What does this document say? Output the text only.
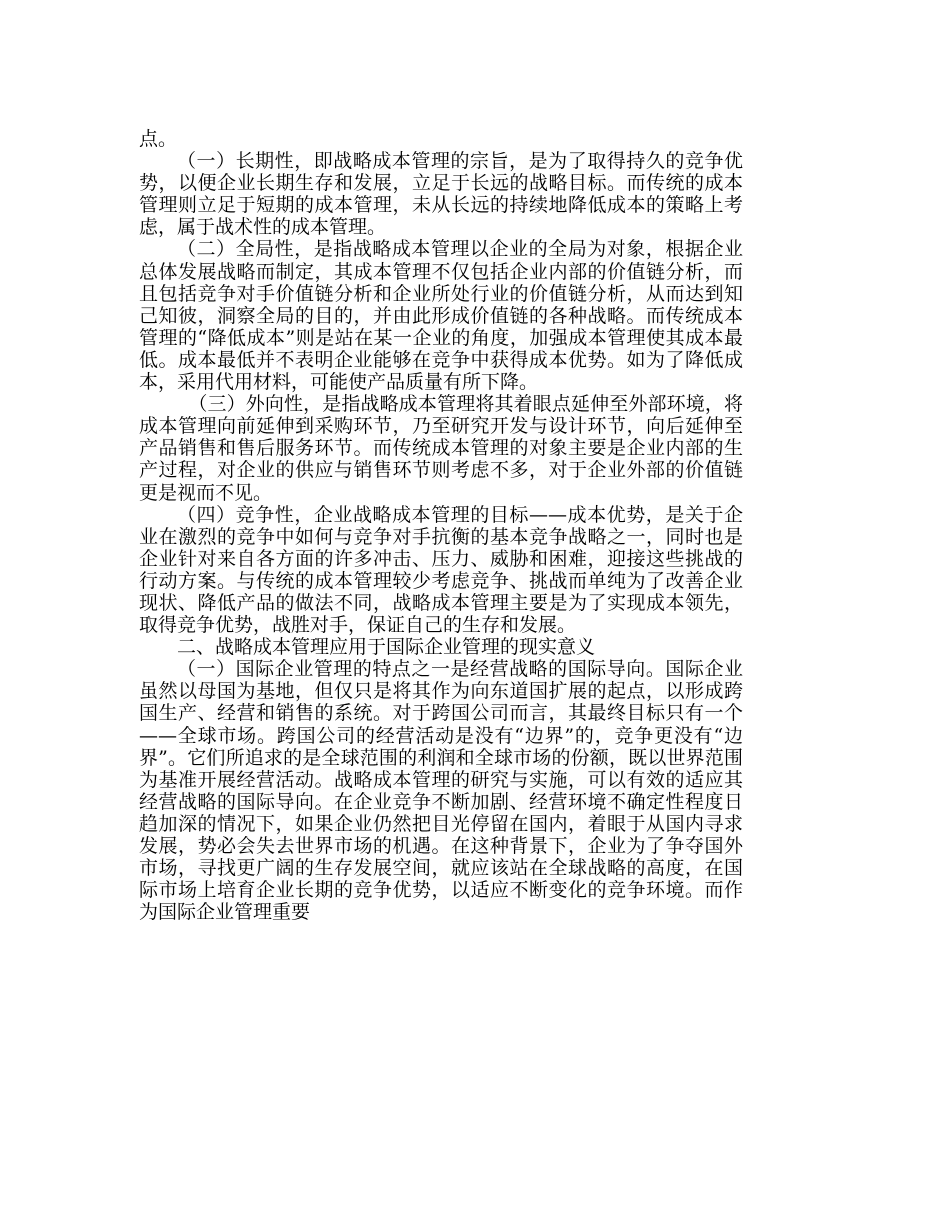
点。

（一）长期性，即战略成本管理的宗旨，是为了取得持久的竞争优势，以便企业长期生存和发展，立足于长远的战略目标。而传统的成本管理则立足于短期的成本管理，未从长远的持续地降低成本的策略上考虑，属于战术性的成本管理。

（二）全局性，是指战略成本管理以企业的全局为对象，根据企业总体发展战略而制定，其成本管理不仅包括企业内部的价值链分析，而且包括竞争对手价值链分析和企业所处行业的价值链分析，从而达到知己知彼，洞察全局的目的，并由此形成价值链的各种战略。而传统成本管理的“降低成本”则是站在某一企业的角度，加强成本管理使其成本最低。成本最低并不表明企业能够在竞争中获得成本优势。如为了降低成本，采用代用材料，可能使产品质量有所下降。

（三）外向性，是指战略成本管理将其着眼点延伸至外部环境，将成本管理向前延伸到采购环节，乃至研究开发与设计环节，向后延伸至产品销售和售后服务环节。而传统成本管理的对象主要是企业内部的生产过程，对企业的供应与销售环节则考虑不多，对于企业外部的价值链更是视而不见。

（四）竞争性，企业战略成本管理的目标——成本优势，是关于企业在激烈的竞争中如何与竞争对手抗衡的基本竞争战略之一，同时也是企业针对来自各方面的许多冲击、压力、威胁和困难，迎接这些挑战的行动方案。与传统的成本管理较少考虑竞争、挑战而单纯为了改善企业现状、降低产品的做法不同，战略成本管理主要是为了实现成本领先，取得竞争优势，战胜对手，保证自己的生存和发展。

二、战略成本管理应用于国际企业管理的现实意义

（一）国际企业管理的特点之一是经营战略的国际导向。国际企业虽然以母国为基地，但仅只是将其作为向东道国扩展的起点，以形成跨国生产、经营和销售的系统。对于跨国公司而言，其最终目标只有一个——全球市场。跨国公司的经营活动是没有“边界”的，竞争更没有“边界”。它们所追求的是全球范围的利润和全球市场的份额，既以世界范围为基准开展经营活动。战略成本管理的研究与实施，可以有效的适应其经营战略的国际导向。在企业竞争不断加剧、经营环境不确定性程度日趋加深的情况下，如果企业仍然把目光停留在国内，着眼于从国内寻求发展，势必会失去世界市场的机遇。在这种背景下，企业为了争夺国外市场，寻找更广阔的生存发展空间，就应该站在全球战略的高度，在国际市场上培育企业长期的竞争优势，以适应不断变化的竞争环境。而作为国际企业管理重要
